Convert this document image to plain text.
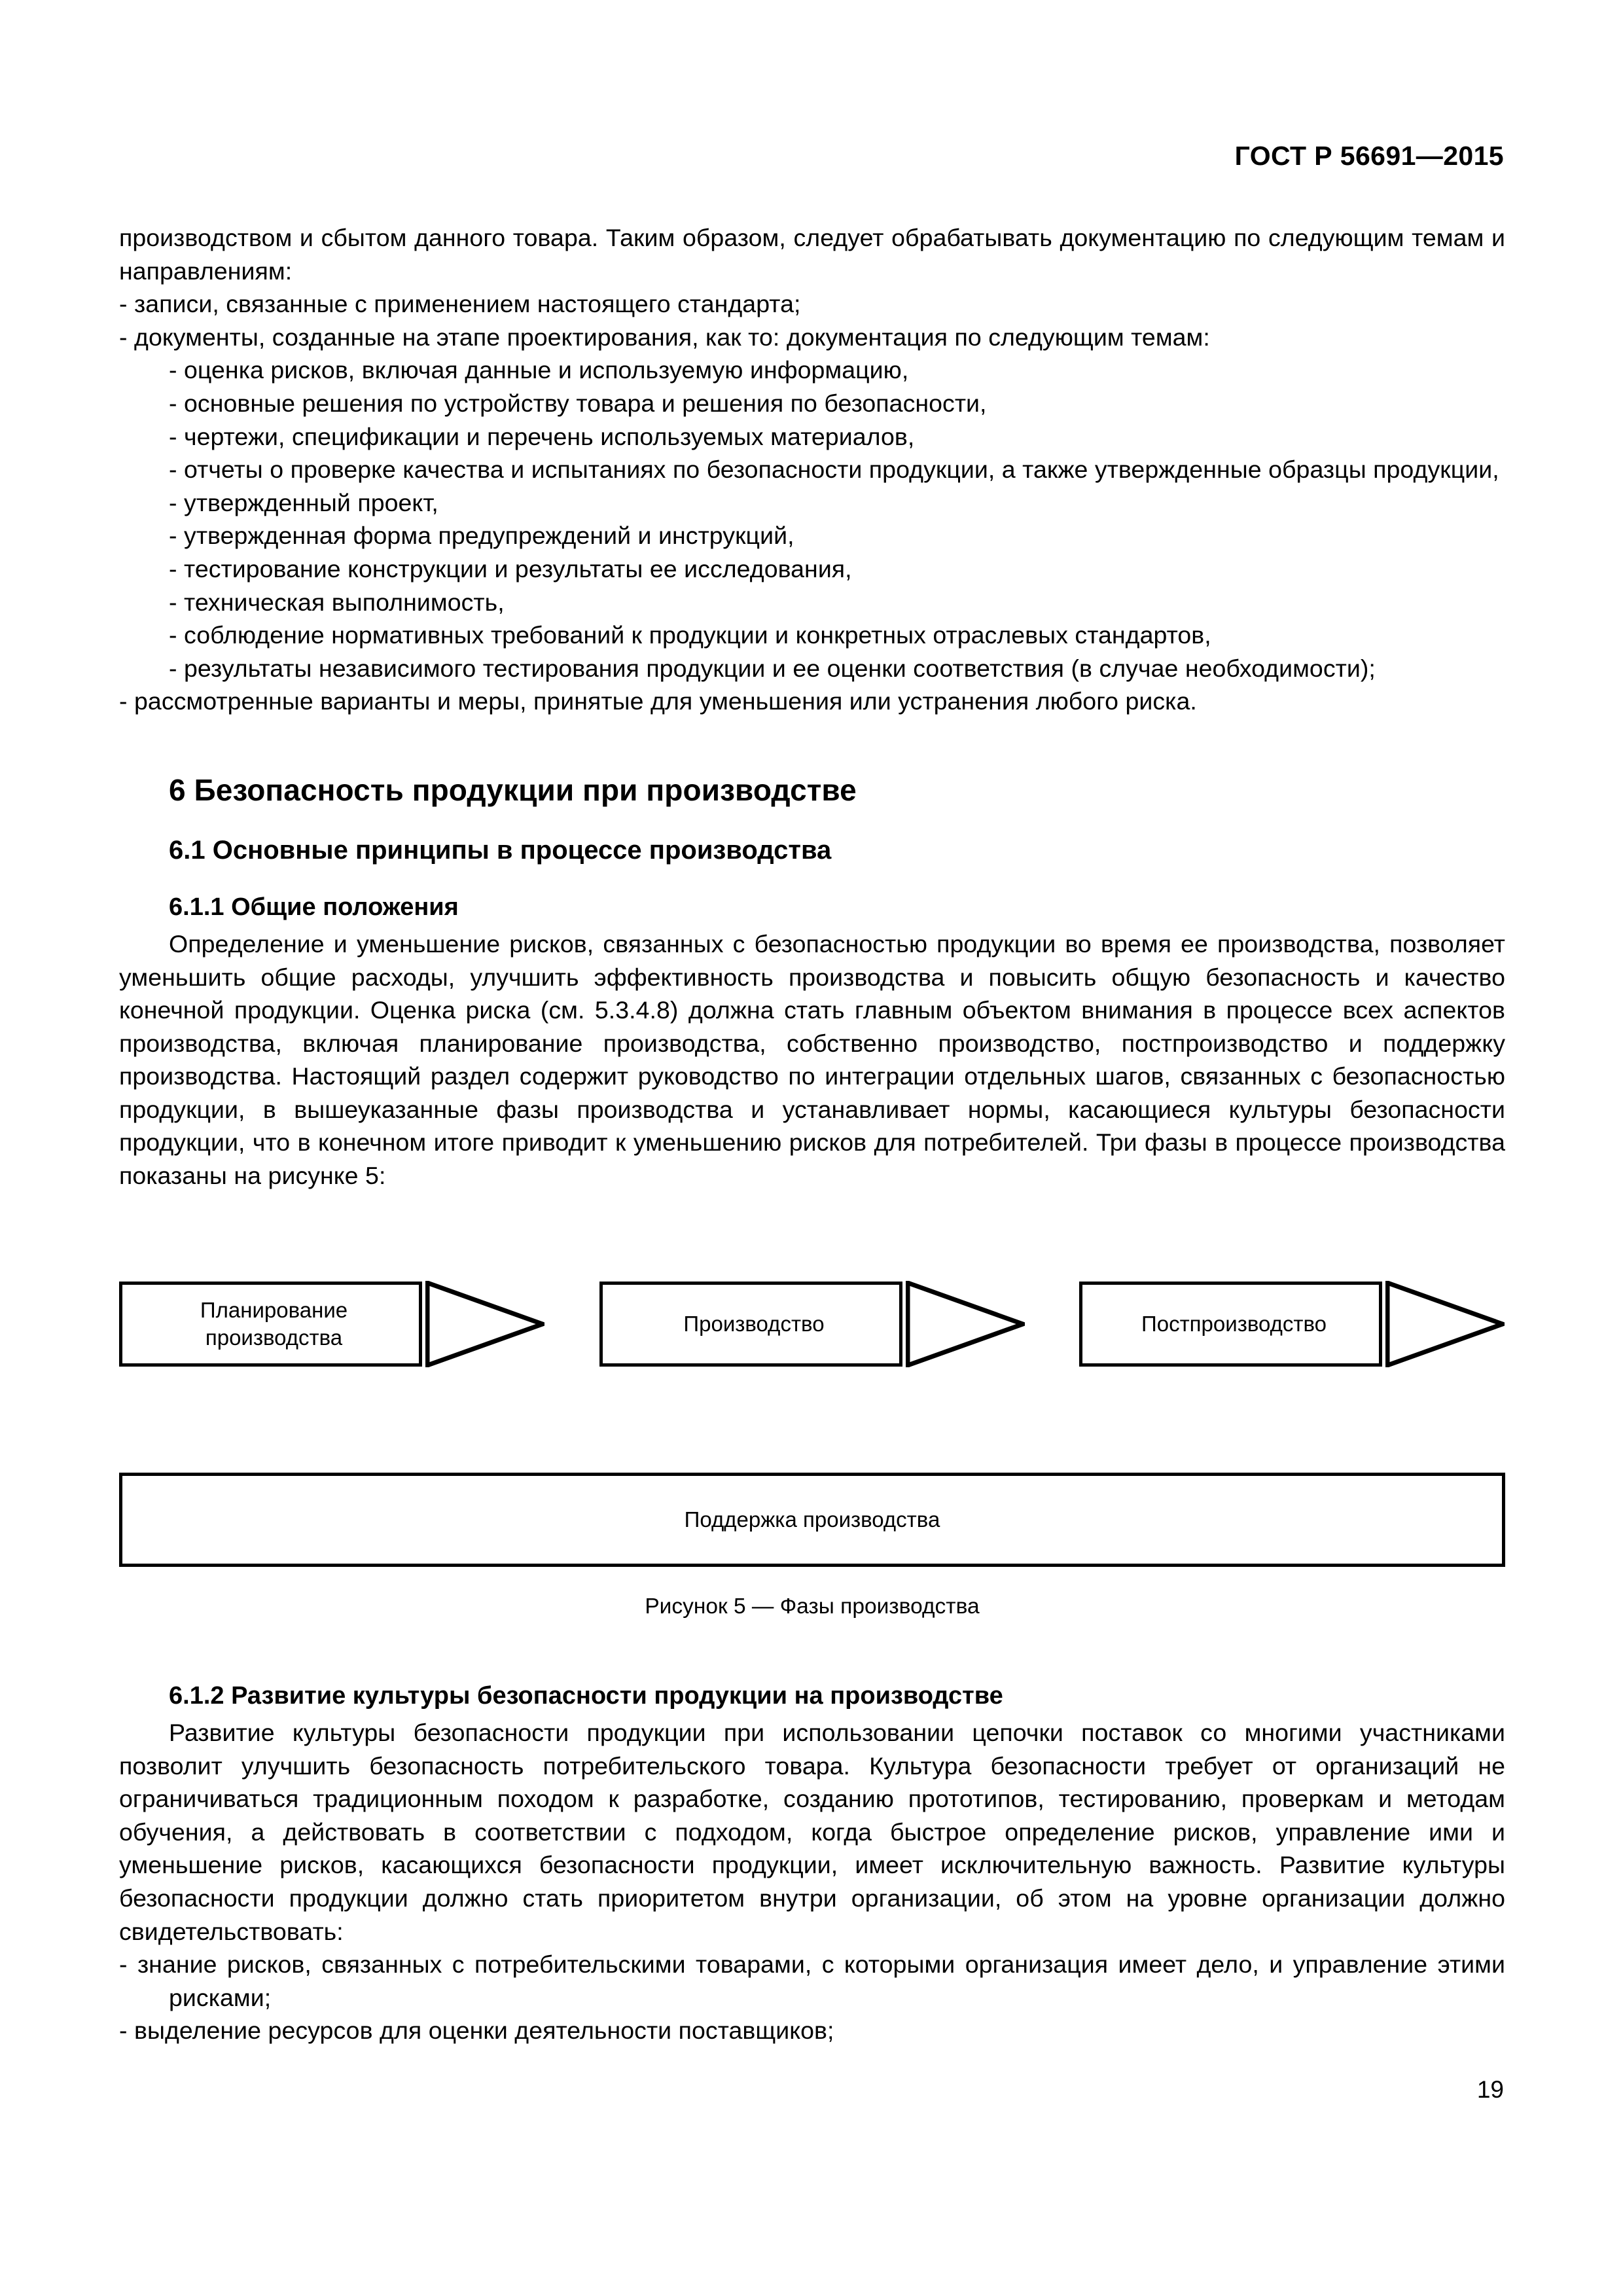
ГОСТ Р 56691—2015

производством и сбытом данного товара. Таким образом, следует обрабатывать документацию по следующим темам и направлениям:

- записи, связанные с применением настоящего стандарта;

- документы, созданные на этапе проектирования, как то: документация по следующим темам:

- оценка рисков, включая данные и используемую информацию,

- основные решения по устройству товара и решения по безопасности,

- чертежи, спецификации и перечень используемых материалов,

- отчеты о проверке качества и испытаниях по безопасности продукции, а также утвержденные образцы продукции,

- утвержденный проект,

- утвержденная форма предупреждений и инструкций,

- тестирование конструкции и результаты ее исследования,

- техническая выполнимость,

- соблюдение нормативных требований к продукции и конкретных отраслевых стандартов,

- результаты независимого тестирования продукции и ее оценки соответствия (в случае необходимости);

- рассмотренные варианты и меры, принятые для уменьшения или устранения любого риска.

6 Безопасность продукции при производстве
6.1 Основные принципы в процессе производства
6.1.1 Общие положения

Определение и уменьшение рисков, связанных с безопасностью продукции во время ее производства, позволяет уменьшить общие расходы, улучшить эффективность производства и повысить общую безопасность и качество конечной продукции. Оценка риска (см. 5.3.4.8) должна стать главным объектом внимания в процессе всех аспектов производства, включая планирование производства, собственно производство, постпроизводство и поддержку производства. Настоящий раздел содержит руководство по интеграции отдельных шагов, связанных с безопасностью продукции, в вышеуказанные фазы производства и устанавливает нормы, касающиеся культуры безопасности продукции, что в конечном итоге приводит к уменьшению рисков для потребителей. Три фазы в процессе производства показаны на рисунке 5:

Планирование производства
Производство	Постпроизводство
Поддержка производства
Рисунок 5 — Фазы производства
6.1.2 Развитие культуры безопасности продукции на производстве

Развитие культуры безопасности продукции при использовании цепочки поставок со многими участниками позволит улучшить безопасность потребительского товара. Культура безопасности требует от организаций не ограничиваться традиционным походом к разработке, созданию прототипов, тестированию, проверкам и методам обучения, а действовать в соответствии с подходом, когда быстрое определение рисков, управление ими и уменьшение рисков, касающихся безопасности продукции, имеет исключительную важность. Развитие культуры безопасности продукции должно стать приоритетом внутри организации, об этом на уровне организации должно свидетельствовать:

- знание рисков, связанных с потребительскими товарами, с которыми организация имеет дело, и управление этими рисками;

- выделение ресурсов для оценки деятельности поставщиков;

19
